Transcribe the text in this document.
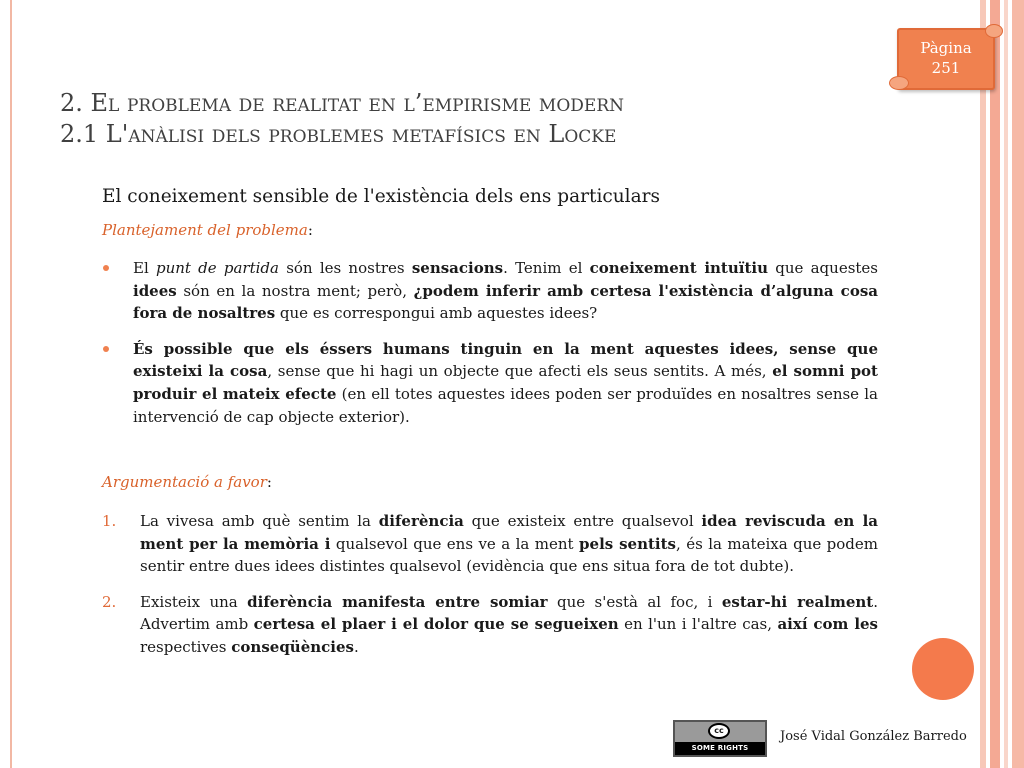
Pàgina
251
2. El problema de realitat en l’empirisme modern
2.1 L'anàlisi dels problemes metafísics en Locke
El coneixement sensible de l'existència dels ens particulars
Plantejament del problema:
El punt de partida són les nostres sensacions. Tenim el coneixement intuïtiu que aquestes idees són en la nostra ment; però, ¿podem inferir amb certesa l'existència d’alguna cosa fora de nosaltres que es correspongui amb aquestes idees?
És possible que els éssers humans tinguin en la ment aquestes idees, sense que existeixi la cosa, sense que hi hagi un objecte que afecti els seus sentits. A més, el somni pot produir el mateix efecte (en ell totes aquestes idees poden ser produïdes en nosaltres sense la intervenció de cap objecte exterior).
Argumentació a favor:
1. La vivesa amb què sentim la diferència que existeix entre qualsevol idea reviscuda en la ment per la memòria i qualsevol que ens ve a la ment pels sentits, és la mateixa que podem sentir entre dues idees distintes qualsevol (evidència que ens situa fora de tot dubte).
2. Existeix una diferència manifesta entre somiar que s'està al foc, i estar-hi realment. Advertim amb certesa el plaer i el dolor que se segueixen en l'un i l'altre cas, així com les respectives conseqüències.
cc
SOME RIGHTS RESERVED
José Vidal González Barredo
